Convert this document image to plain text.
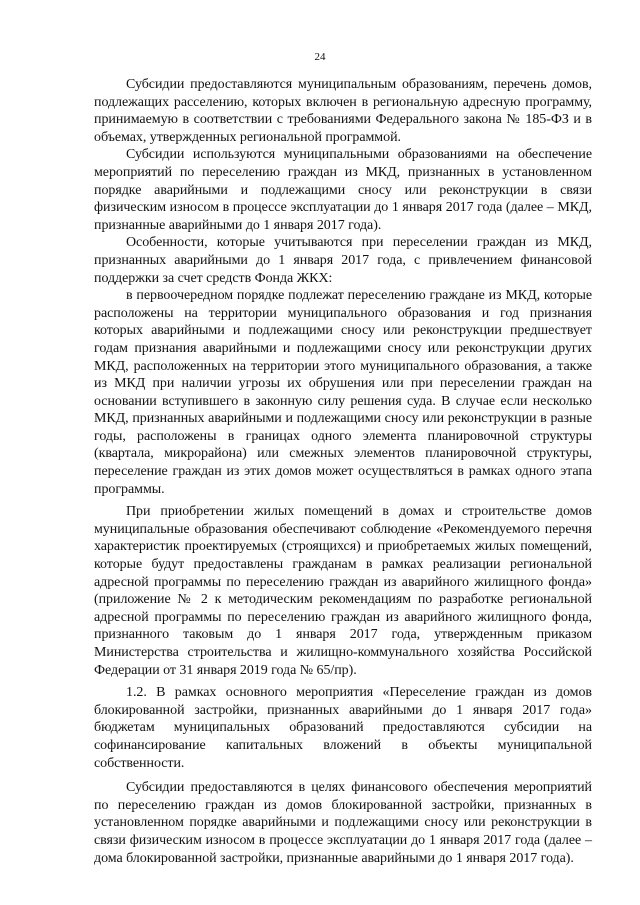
24

Субсидии предоставляются муниципальным образованиям, перечень домов, подлежащих расселению, которых включен в региональную адресную программу, принимаемую в соответствии с требованиями Федерального закона № 185-ФЗ и в объемах, утвержденных региональной программой.

Субсидии используются муниципальными образованиями на обеспечение мероприятий по переселению граждан из МКД, признанных в установленном порядке аварийными и подлежащими сносу или реконструкции в связи физическим износом в процессе эксплуатации до 1 января 2017 года (далее – МКД, признанные аварийными до 1 января 2017 года).

Особенности, которые учитываются при переселении граждан из МКД, признанных аварийными до 1 января 2017 года, с привлечением финансовой поддержки за счет средств Фонда ЖКХ:

в первоочередном порядке подлежат переселению граждане из МКД, которые расположены на территории муниципального образования и год признания которых аварийными и подлежащими сносу или реконструкции предшествует годам признания аварийными и подлежащими сносу или реконструкции других МКД, расположенных на территории этого муниципального образования, а также из МКД при наличии угрозы их обрушения или при переселении граждан на основании вступившего в законную силу решения суда. В случае если несколько МКД, признанных аварийными и подлежащими сносу или реконструкции в разные годы, расположены в границах одного элемента планировочной структуры (квартала, микрорайона) или смежных элементов планировочной структуры, переселение граждан из этих домов может осуществляться в рамках одного этапа программы.

При приобретении жилых помещений в домах и строительстве домов муниципальные образования обеспечивают соблюдение «Рекомендуемого перечня характеристик проектируемых (строящихся) и приобретаемых жилых помещений, которые будут предоставлены гражданам в рамках реализации региональной адресной программы по переселению граждан из аварийного жилищного фонда» (приложение № 2 к методическим рекомендациям по разработке региональной адресной программы по переселению граждан из аварийного жилищного фонда, признанного таковым до 1 января 2017 года, утвержденным приказом Министерства строительства и жилищно-коммунального хозяйства Российской Федерации от 31 января 2019 года № 65/пр).

1.2. В рамках основного мероприятия «Переселение граждан из домов блокированной застройки, признанных аварийными до 1 января 2017 года» бюджетам муниципальных образований предоставляются субсидии на софинансирование капитальных вложений в объекты муниципальной собственности.

Субсидии предоставляются в целях финансового обеспечения мероприятий по переселению граждан из домов блокированной застройки, признанных в установленном порядке аварийными и подлежащими сносу или реконструкции в связи физическим износом в процессе эксплуатации до 1 января 2017 года (далее – дома блокированной застройки, признанные аварийными до 1 января 2017 года).
